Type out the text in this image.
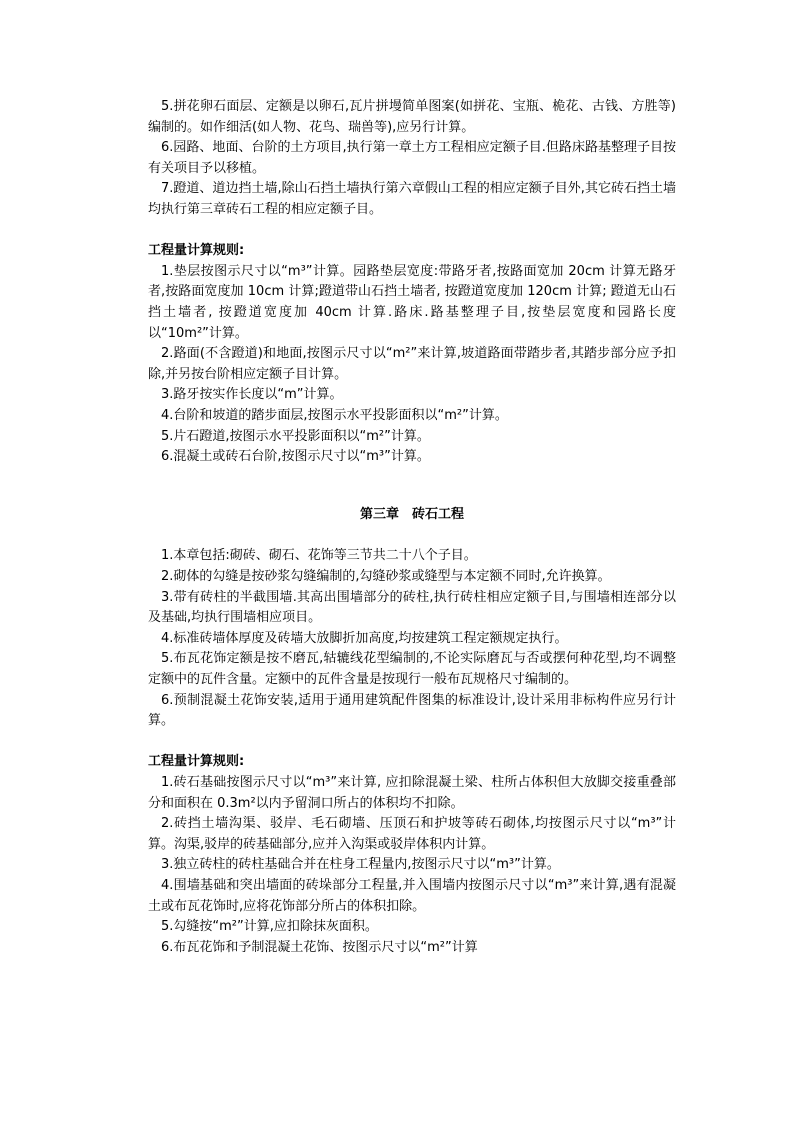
5.拼花卵石面层、定额是以卵石,瓦片拼墁简单图案(如拼花、宝瓶、桅花、古钱、方胜等)编制的。如作细活(如人物、花鸟、瑞兽等),应另行计算。

6.园路、地面、台阶的土方项目,执行第一章土方工程相应定额子目.但路床路基整理子目按有关项目予以移植。

7.蹬道、道边挡土墙,除山石挡土墙执行第六章假山工程的相应定额子目外,其它砖石挡土墙均执行第三章砖石工程的相应定额子目。

工程量计算规则:

1.垫层按图示尺寸以“m³”计算。园路垫层宽度:带路牙者,按路面宽加 20cm 计算无路牙者,按路面宽度加 10cm 计算;蹬道带山石挡土墙者, 按蹬道宽度加 120cm 计算; 蹬道无山石挡土墙者, 按蹬道宽度加 40cm 计算.路床.路基整理子目,按垫层宽度和园路长度以“10m²”计算。

2.路面(不含蹬道)和地面,按图示尺寸以“m²”来计算,坡道路面带踏步者,其踏步部分应予扣除,并另按台阶相应定额子目计算。

3.路牙按实作长度以“m”计算。

4.台阶和坡道的踏步面层,按图示水平投影面积以“m²”计算。

5.片石蹬道,按图示水平投影面积以“m²”计算。

6.混凝土或砖石台阶,按图示尺寸以“m³”计算。

第三章　砖石工程

1.本章包括:砌砖、砌石、花饰等三节共二十八个子目。

2.砌体的勾缝是按砂浆勾缝编制的,勾缝砂浆或缝型与本定额不同时,允许换算。

3.带有砖柱的半截围墙.其高出围墙部分的砖柱,执行砖柱相应定额子目,与围墙相连部分以及基础,均执行围墙相应项目。

4.标准砖墙体厚度及砖墙大放脚折加高度,均按建筑工程定额规定执行。

5.布瓦花饰定额是按不磨瓦,轱辘线花型编制的,不论实际磨瓦与否或摆何种花型,均不调整定额中的瓦件含量。定额中的瓦件含量是按现行一般布瓦规格尺寸编制的。

6.预制混凝土花饰安装,适用于通用建筑配件图集的标准设计,设计采用非标构件应另行计算。

工程量计算规则:

1.砖石基础按图示尺寸以“m³”来计算, 应扣除混凝土梁、柱所占体积但大放脚交接重叠部分和面积在 0.3m²以内予留洞口所占的体积均不扣除。

2.砖挡土墙沟渠、驳岸、毛石砌墙、压顶石和护坡等砖石砌体,均按图示尺寸以“m³”计算。沟渠,驳岸的砖基础部分,应并入沟渠或驳岸体积内计算。

3.独立砖柱的砖柱基础合并在柱身工程量内,按图示尺寸以“m³”计算。

4.围墙基础和突出墙面的砖垛部分工程量,并入围墙内按图示尺寸以“m³”来计算,遇有混凝土或布瓦花饰时,应将花饰部分所占的体积扣除。

5.勾缝按“m²”计算,应扣除抹灰面积。

6.布瓦花饰和予制混凝土花饰、按图示尺寸以“m²”计算
